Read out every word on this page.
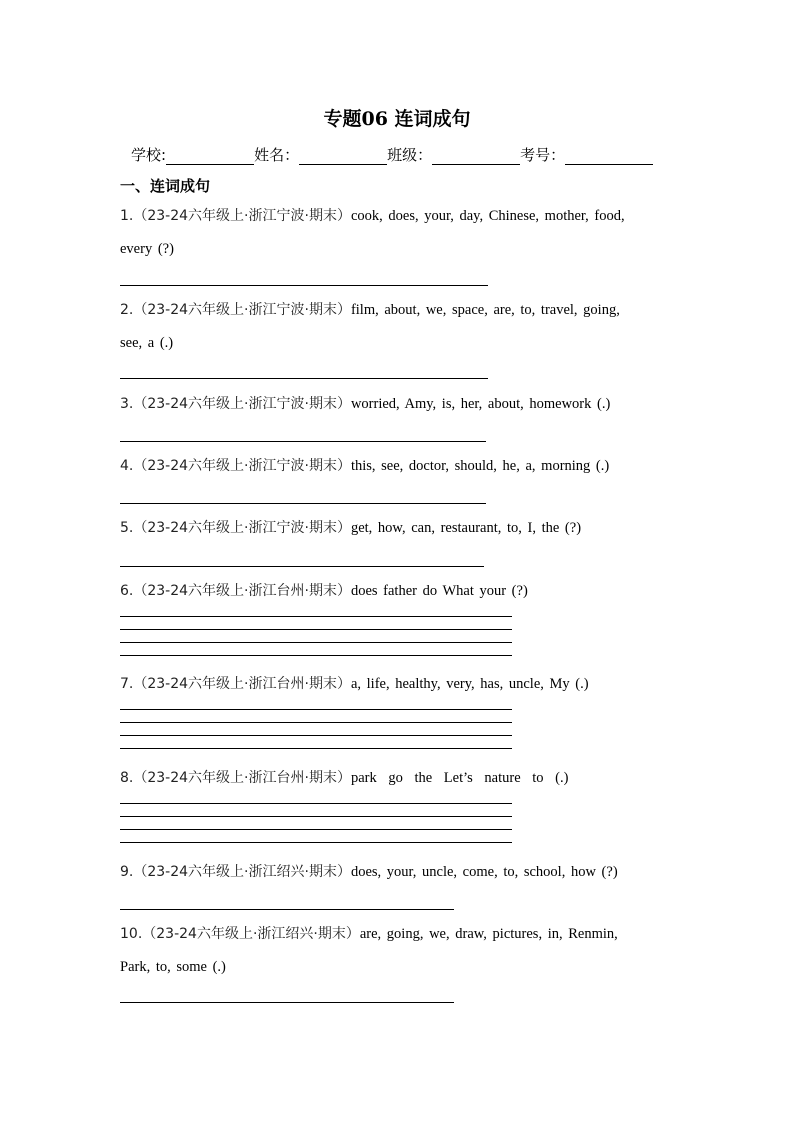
专题06 连词成句
学校:	姓名：	班级：	考号：
一、连词成句
1.（23-24六年级上·浙江宁波·期末）cook, does, your, day, Chinese, mother, food,
every (?)
2.（23-24六年级上·浙江宁波·期末）film, about, we, space, are, to, travel, going,
see, a (.)
3.（23-24六年级上·浙江宁波·期末）worried, Amy, is, her, about, homework (.)
4.（23-24六年级上·浙江宁波·期末）this, see, doctor, should, he, a, morning (.)
5.（23-24六年级上·浙江宁波·期末）get, how, can, restaurant, to, I, the (?)
6.（23-24六年级上·浙江台州·期末）does father do What your (?)
7.（23-24六年级上·浙江台州·期末）a, life, healthy, very, has, uncle, My (.)
8.（23-24六年级上·浙江台州·期末）park go the Let’s nature to (.)
9.（23-24六年级上·浙江绍兴·期末）does, your, uncle, come, to, school, how (?)
10.（23-24六年级上·浙江绍兴·期末）are, going, we, draw, pictures, in, Renmin,
Park, to, some (.)
